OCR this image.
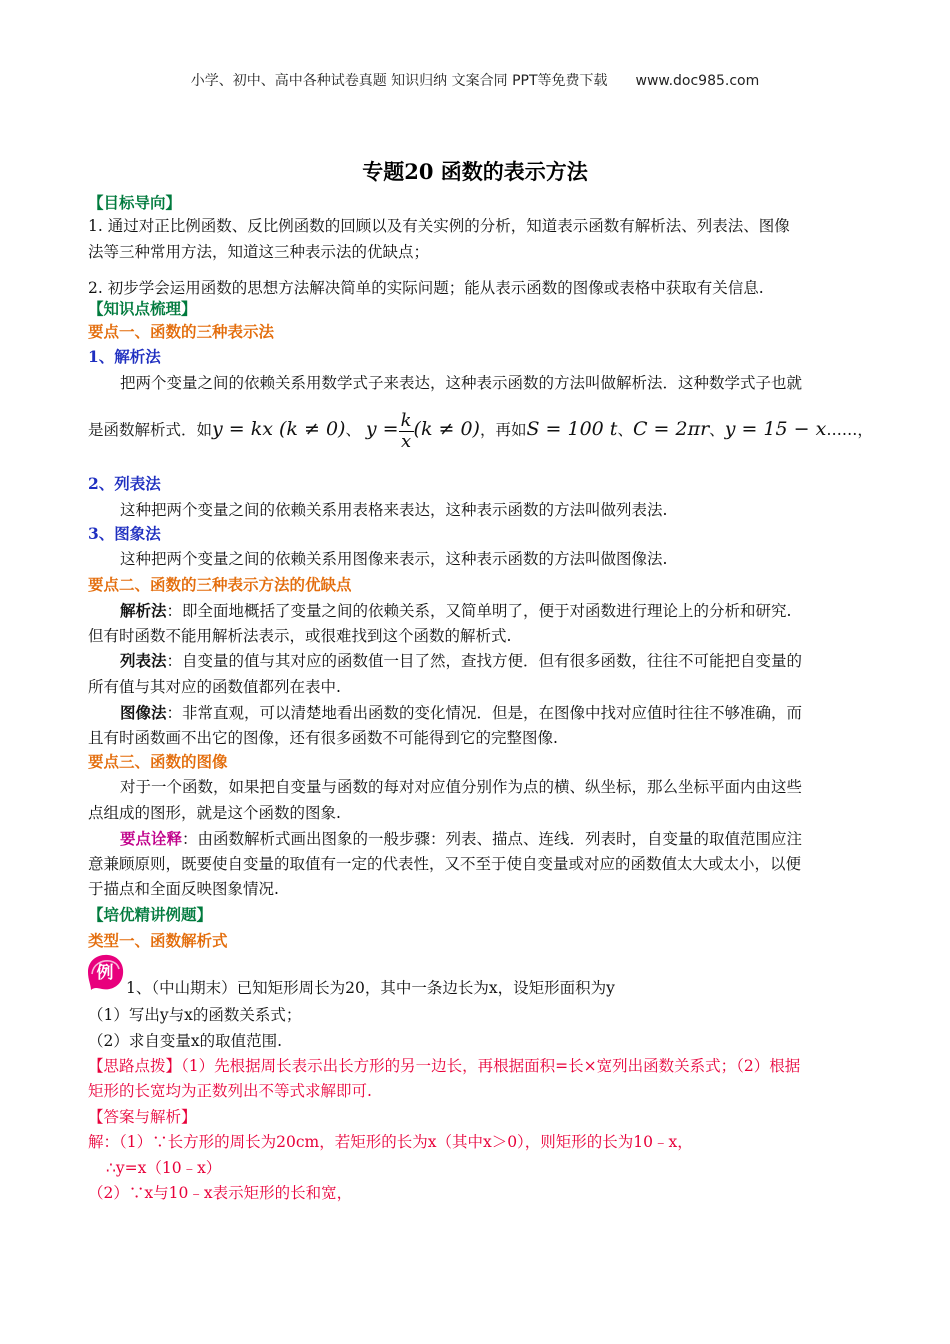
小学、初中、高中各种试卷真题 知识归纳 文案合同 PPT等免费下载 www.doc985.com
专题20 函数的表示方法
【目标导向】
1. 通过对正比例函数、反比例函数的回顾以及有关实例的分析，知道表示函数有解析法、列表法、图像
法等三种常用方法，知道这三种表示法的优缺点；
2. 初步学会运用函数的思想方法解决简单的实际问题；能从表示函数的图像或表格中获取有关信息.
【知识点梳理】
要点一、函数的三种表示法
1、解析法
把两个变量之间的依赖关系用数学式子来表达，这种表示函数的方法叫做解析法．这种数学式子也就
是函数解析式．如y = kx (k ≠ 0)、 $y = \frac{k}{x} (k \ne 0)$，再如S = 100 t、C = 2πr、y = 15 − x……，
2、列表法
这种把两个变量之间的依赖关系用表格来表达，这种表示函数的方法叫做列表法.
3、图象法
这种把两个变量之间的依赖关系用图像来表示，这种表示函数的方法叫做图像法.
要点二、函数的三种表示方法的优缺点
解析法：即全面地概括了变量之间的依赖关系，又简单明了，便于对函数进行理论上的分析和研究.
但有时函数不能用解析法表示，或很难找到这个函数的解析式.
列表法：自变量的值与其对应的函数值一目了然，查找方便．但有很多函数，往往不可能把自变量的
所有值与其对应的函数值都列在表中.
图像法：非常直观，可以清楚地看出函数的变化情况．但是，在图像中找对应值时往往不够准确，而
且有时函数画不出它的图像，还有很多函数不可能得到它的完整图像.
要点三、函数的图像
对于一个函数，如果把自变量与函数的每对对应值分别作为点的横、纵坐标，那么坐标平面内由这些
点组成的图形，就是这个函数的图象.
要点诠释：由函数解析式画出图象的一般步骤：列表、描点、连线．列表时，自变量的取值范围应注
意兼顾原则，既要使自变量的取值有一定的代表性，又不至于使自变量或对应的函数值太大或太小，以便
于描点和全面反映图象情况.
【培优精讲例题】
类型一、函数解析式
例
1、（中山期末）已知矩形周长为20，其中一条边长为x，设矩形面积为y
（1）写出y与x的函数关系式；
（2）求自变量x的取值范围.
【思路点拨】（1）先根据周长表示出长方形的另一边长，再根据面积=长×宽列出函数关系式；（2）根据
矩形的长宽均为正数列出不等式求解即可.
【答案与解析】
解：（1）∵长方形的周长为20cm，若矩形的长为x（其中x＞0），则矩形的长为10﹣x，
∴y=x（10﹣x）
（2）∵x与10﹣x表示矩形的长和宽，
